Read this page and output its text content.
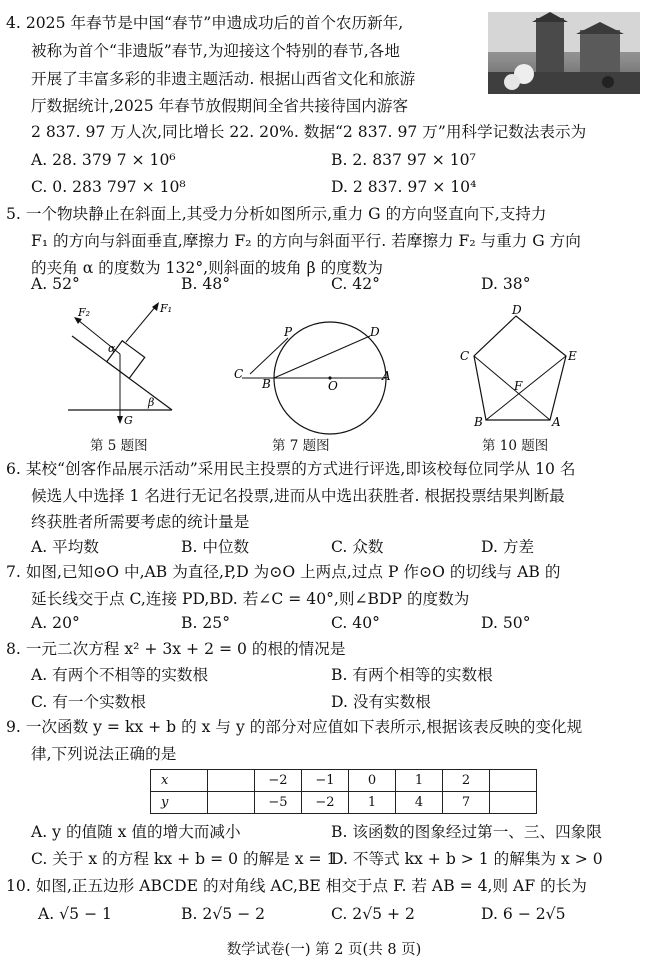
4. 2025 年春节是中国“春节”申遗成功后的首个农历新年,
被称为首个“非遗版”春节,为迎接这个特别的春节,各地
开展了丰富多彩的非遗主题活动. 根据山西省文化和旅游
厅数据统计,2025 年春节放假期间全省共接待国内游客
2 837. 97 万人次,同比增长 22. 20%. 数据“2 837. 97 万”用科学记数法表示为
A. 28. 379 7 × 10⁶	B. 2. 837 97 × 10⁷
C. 0. 283 797 × 10⁸	D. 2 837. 97 × 10⁴
5. 一个物块静止在斜面上,其受力分析如图所示,重力 G 的方向竖直向下,支持力
F₁ 的方向与斜面垂直,摩擦力 F₂ 的方向与斜面平行. 若摩擦力 F₂ 与重力 G 方向
的夹角 α 的度数为 132°,则斜面的坡角 β 的度数为
A. 52°	B. 48°	C. 42°	D. 38°
F₂	F₁
α
β
G
第 5 题图
P	D
C
B	O
A
第 7 题图
D
C	E
F
B	A
第 10 题图
6. 某校“创客作品展示活动”采用民主投票的方式进行评选,即该校每位同学从 10 名
候选人中选择 1 名进行无记名投票,进而从中选出获胜者. 根据投票结果判断最
终获胜者所需要考虑的统计量是
A. 平均数	B. 中位数	C. 众数	D. 方差
7. 如图,已知⊙O 中,AB 为直径,P,D 为⊙O 上两点,过点 P 作⊙O 的切线与 AB 的
延长线交于点 C,连接 PD,BD. 若∠C = 40°,则∠BDP 的度数为
A. 20°	B. 25°	C. 40°	D. 50°
8. 一元二次方程 x² + 3x + 2 = 0 的根的情况是
A. 有两个不相等的实数根	B. 有两个相等的实数根
C. 有一个实数根	D. 没有实数根
9. 一次函数 y = kx + b 的 x 与 y 的部分对应值如下表所示,根据该表反映的变化规
律,下列说法正确的是
x		−2	−1	0	1	2	
y		−5	−2	1	4	7	
A. y 的值随 x 值的增大而减小	B. 该函数的图象经过第一、三、四象限
C. 关于 x 的方程 kx + b = 0 的解是 x = 1
D. 不等式 kx + b > 1 的解集为 x > 0
10. 如图,正五边形 ABCDE 的对角线 AC,BE 相交于点 F. 若 AB = 4,则 AF 的长为
A. √5 − 1	B. 2√5 − 2	C. 2√5 + 2	D. 6 − 2√5
数学试卷(一) 第 2 页(共 8 页)
